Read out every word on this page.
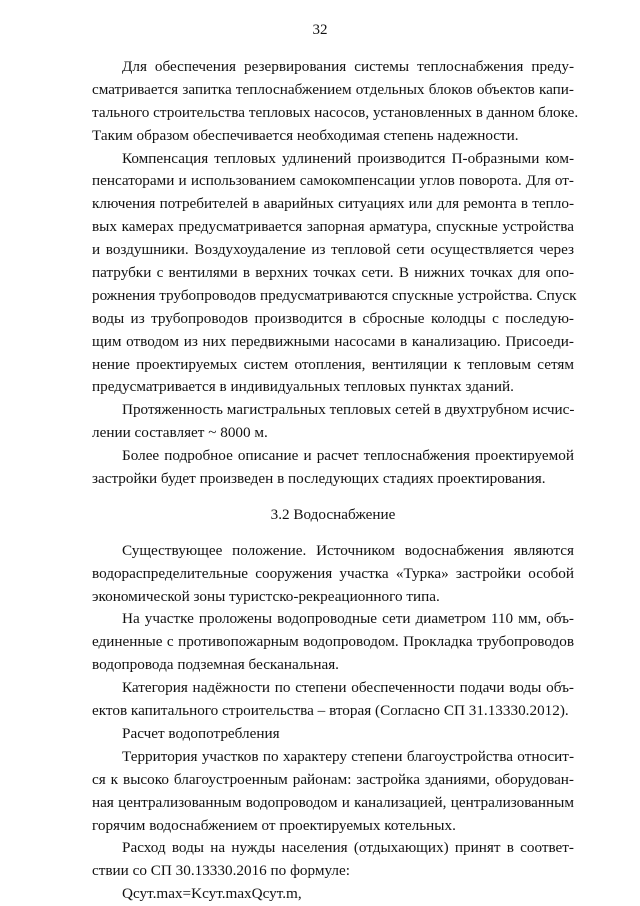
32
Для обеспечения резервирования системы теплоснабжения преду-
сматривается запитка теплоснабжением отдельных блоков объектов капи-
тального строительства тепловых насосов, установленных в данном блоке.
Таким образом обеспечивается необходимая степень надежности.
Компенсация тепловых удлинений производится П-образными ком-
пенсаторами и использованием самокомпенсации углов поворота. Для от-
ключения потребителей в аварийных ситуациях или для ремонта в тепло-
вых камерах предусматривается запорная арматура, спускные устройства
и воздушники. Воздухоудаление из тепловой сети осуществляется через
патрубки с вентилями в верхних точках сети. В нижних точках для опо-
рожнения трубопроводов предусматриваются спускные устройства. Спуск
воды из трубопроводов производится в сбросные колодцы с последую-
щим отводом из них передвижными насосами в канализацию. Присоеди-
нение проектируемых систем отопления, вентиляции к тепловым сетям
предусматривается в индивидуальных тепловых пунктах зданий.
Протяженность магистральных тепловых сетей в двухтрубном исчис-
лении составляет ~ 8000 м.
Более подробное описание и расчет теплоснабжения проектируемой
застройки будет произведен в последующих стадиях проектирования.
3.2 Водоснабжение
Существующее положение. Источником водоснабжения являются
водораспределительные сооружения участка «Турка» застройки особой
экономической зоны туристско-рекреационного типа.
На участке проложены водопроводные сети диаметром 110 мм, объ-
единенные с противопожарным водопроводом. Прокладка трубопроводов
водопровода подземная бесканальная.
Категория надёжности по степени обеспеченности подачи воды объ-
ектов капитального строительства – вторая (Согласно СП 31.13330.2012).
Расчет водопотребления
Территория участков по характеру степени благоустройства относит-
ся к высоко благоустроенным районам: застройка зданиями, оборудован-
ная централизованным водопроводом и канализацией, централизованным
горячим водоснабжением от проектируемых котельных.
Расход воды на нужды населения (отдыхающих) принят в соответ-
ствии со СП 30.13330.2016 по формуле:
Qсут.max=Kсут.maxQсут.m,
